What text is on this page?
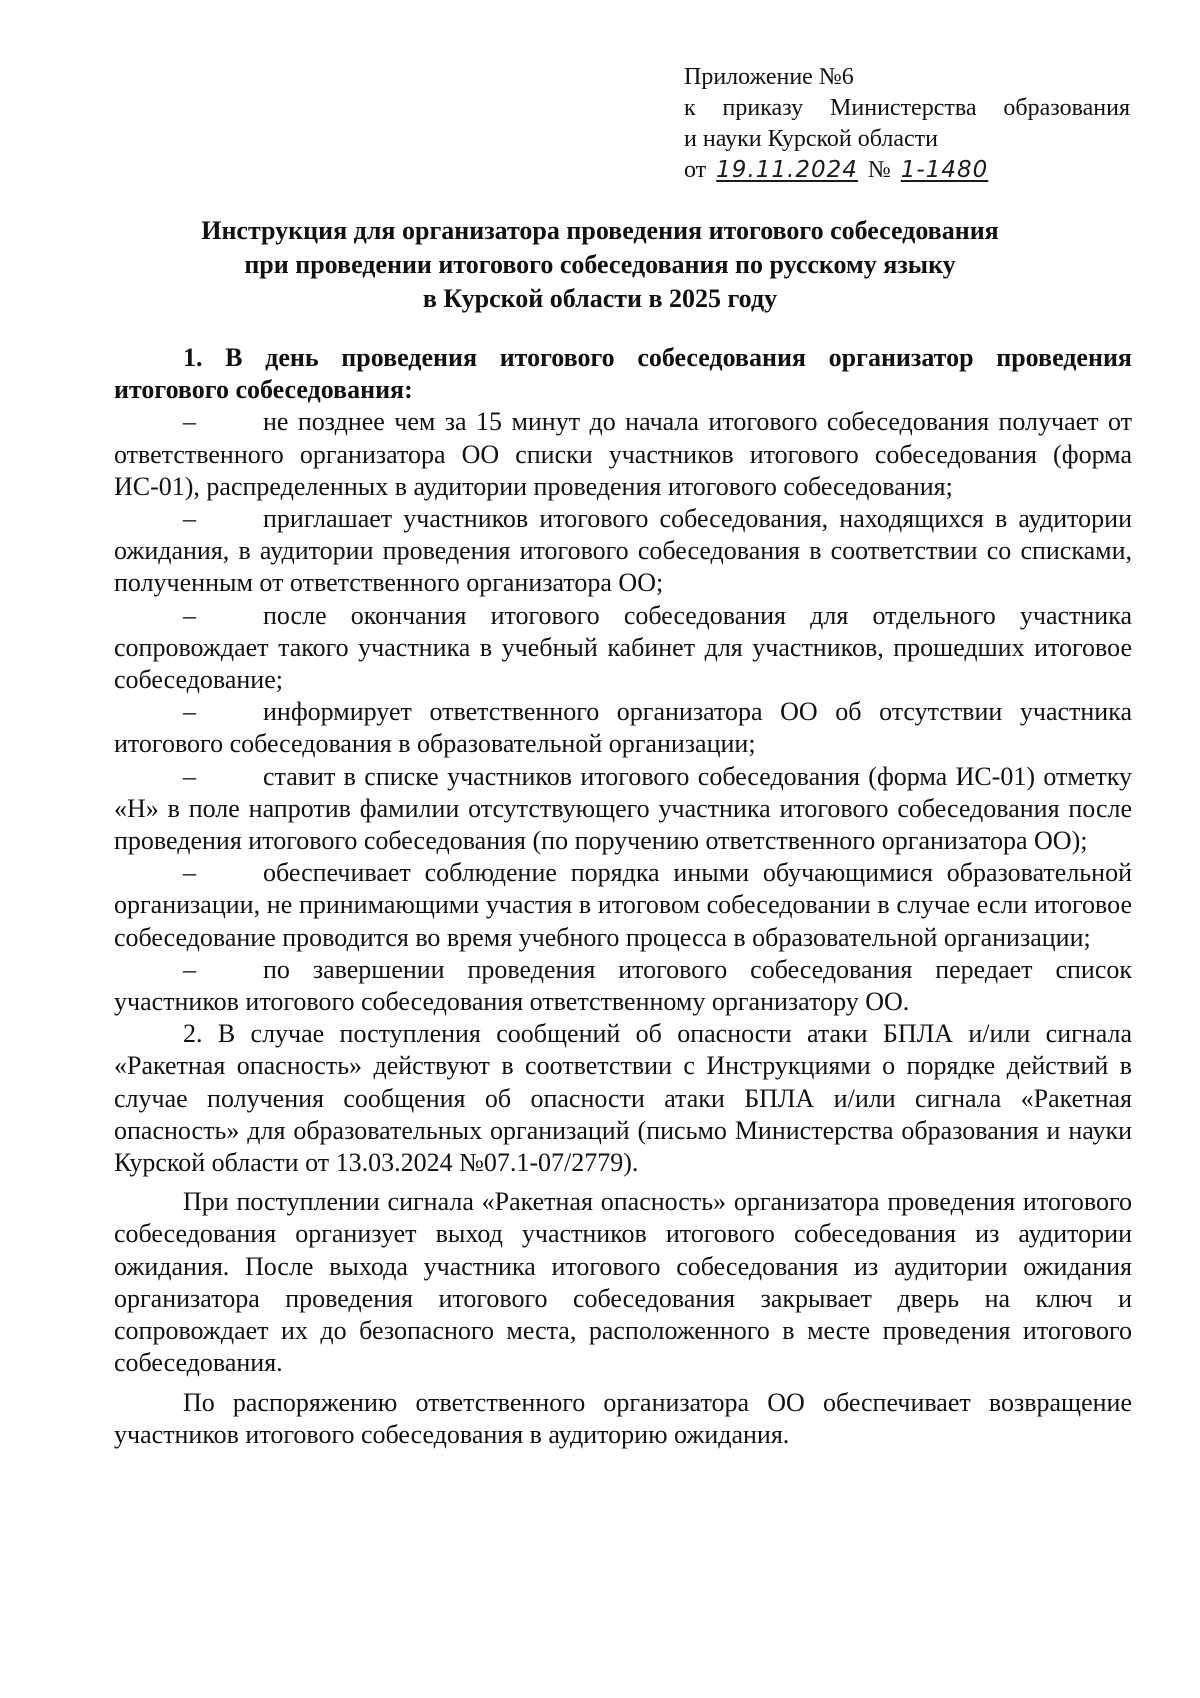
Приложение №6
к приказу Министерства образования
и науки Курской области
от 19.11.2024 № 1-1480
Инструкция для организатора проведения итогового собеседования
при проведении итогового собеседования по русскому языку
в Курской области в 2025 году

1. В день проведения итогового собеседования организатор проведения итогового собеседования:

–	не позднее чем за 15 минут до начала итогового собеседования получает от ответственного организатора ОО списки участников итогового собеседования (форма ИС-01), распределенных в аудитории проведения итогового собеседования;

–	приглашает участников итогового собеседования, находящихся в аудитории ожидания, в аудитории проведения итогового собеседования в соответствии со списками, полученным от ответственного организатора ОО;

–	после окончания итогового собеседования для отдельного участника сопровождает такого участника в учебный кабинет для участников, прошедших итоговое собеседование;

–	информирует ответственного организатора ОО об отсутствии участника итогового собеседования в образовательной организации;

–	ставит в списке участников итогового собеседования (форма ИС-01) отметку «Н» в поле напротив фамилии отсутствующего участника итогового собеседования после проведения итогового собеседования (по поручению ответственного организатора ОО);

–	обеспечивает соблюдение порядка иными обучающимися образовательной организации, не принимающими участия в итоговом собеседовании в случае если итоговое собеседование проводится во время учебного процесса в образовательной организации;

–	по завершении проведения итогового собеседования передает список участников итогового собеседования ответственному организатору ОО.

2. В случае поступления сообщений об опасности атаки БПЛА и/или сигнала «Ракетная опасность» действуют в соответствии с Инструкциями о порядке действий в случае получения сообщения об опасности атаки БПЛА и/или сигнала «Ракетная опасность» для образовательных организаций (письмо Министерства образования и науки Курской области от 13.03.2024 №07.1-07/2779).

При поступлении сигнала «Ракетная опасность» организатора проведения итогового собеседования организует выход участников итогового собеседования из аудитории ожидания. После выхода участника итогового собеседования из аудитории ожидания организатора проведения итогового собеседования закрывает дверь на ключ и сопровождает их до безопасного места, расположенного в месте проведения итогового собеседования.

По распоряжению ответственного организатора ОО обеспечивает возвращение участников итогового собеседования в аудиторию ожидания.
